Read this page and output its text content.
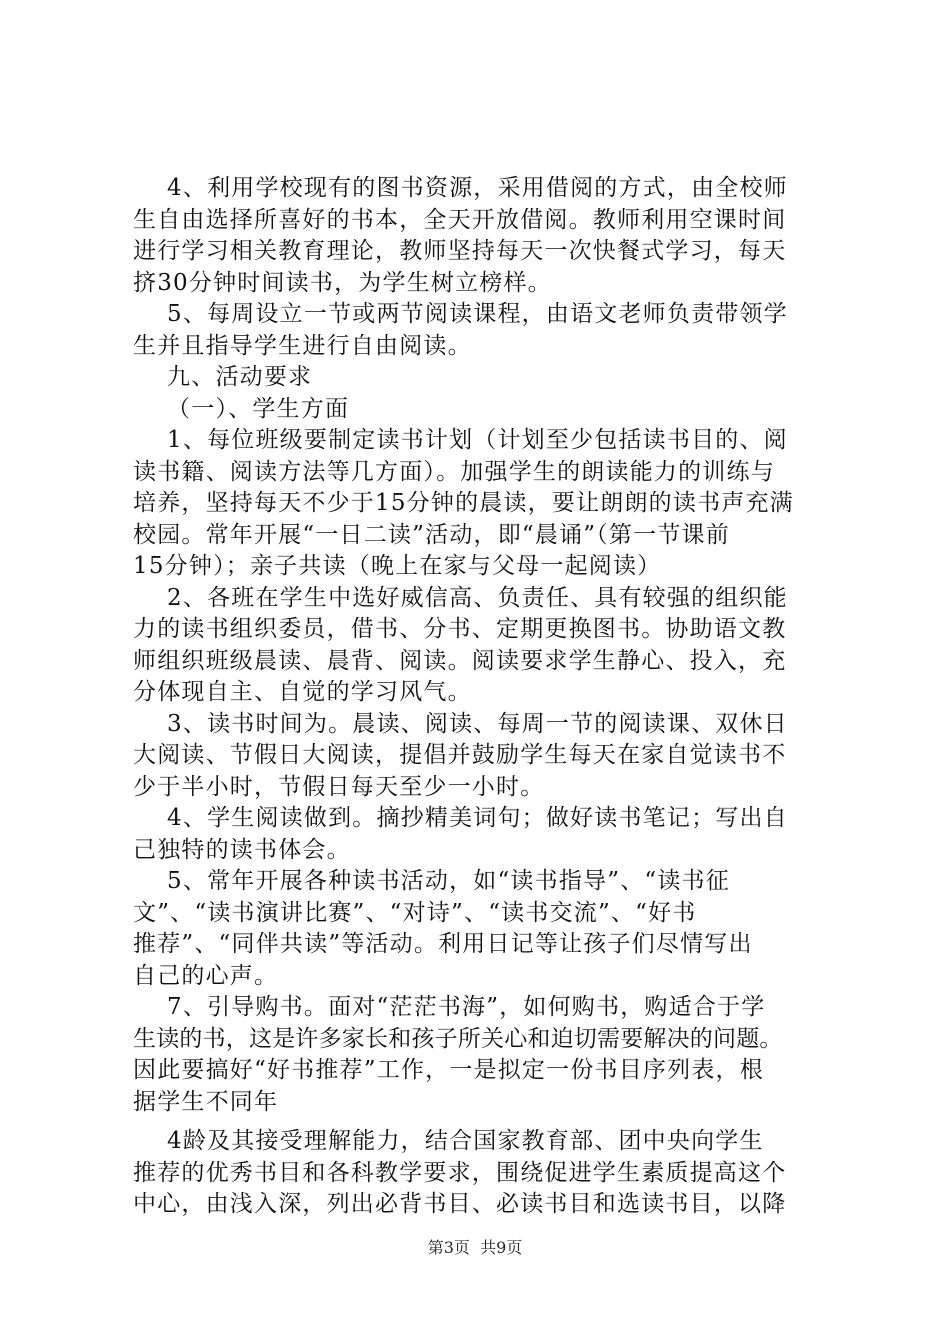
4、利用学校现有的图书资源，采用借阅的方式，由全校师
生自由选择所喜好的书本，全天开放借阅。教师利用空课时间
进行学习相关教育理论，教师坚持每天一次快餐式学习，每天
挤30分钟时间读书，为学生树立榜样。
5、每周设立一节或两节阅读课程，由语文老师负责带领学
生并且指导学生进行自由阅读。
九、活动要求
（一）、学生方面
1、每位班级要制定读书计划（计划至少包括读书目的、阅
读书籍、阅读方法等几方面）。加强学生的朗读能力的训练与
培养，坚持每天不少于15分钟的晨读，要让朗朗的读书声充满
校园。常年开展“一日二读”活动，即“晨诵”（第一节课前
15分钟）；亲子共读（晚上在家与父母一起阅读）
2、各班在学生中选好威信高、负责任、具有较强的组织能
力的读书组织委员，借书、分书、定期更换图书。协助语文教
师组织班级晨读、晨背、阅读。阅读要求学生静心、投入，充
分体现自主、自觉的学习风气。
3、读书时间为。晨读、阅读、每周一节的阅读课、双休日
大阅读、节假日大阅读，提倡并鼓励学生每天在家自觉读书不
少于半小时，节假日每天至少一小时。
4、学生阅读做到。摘抄精美词句；做好读书笔记；写出自
己独特的读书体会。
5、常年开展各种读书活动，如“读书指导”、“读书征
文”、“读书演讲比赛”、“对诗”、“读书交流”、“好书
推荐”、“同伴共读”等活动。利用日记等让孩子们尽情写出
自己的心声。
7、引导购书。面对“茫茫书海”，如何购书，购适合于学
生读的书，这是许多家长和孩子所关心和迫切需要解决的问题。
因此要搞好“好书推荐”工作，一是拟定一份书目序列表，根
据学生不同年
4龄及其接受理解能力，结合国家教育部、团中央向学生
推荐的优秀书目和各科教学要求，围绕促进学生素质提高这个
中心，由浅入深，列出必背书目、必读书目和选读书目，以降
第3页  共9页
